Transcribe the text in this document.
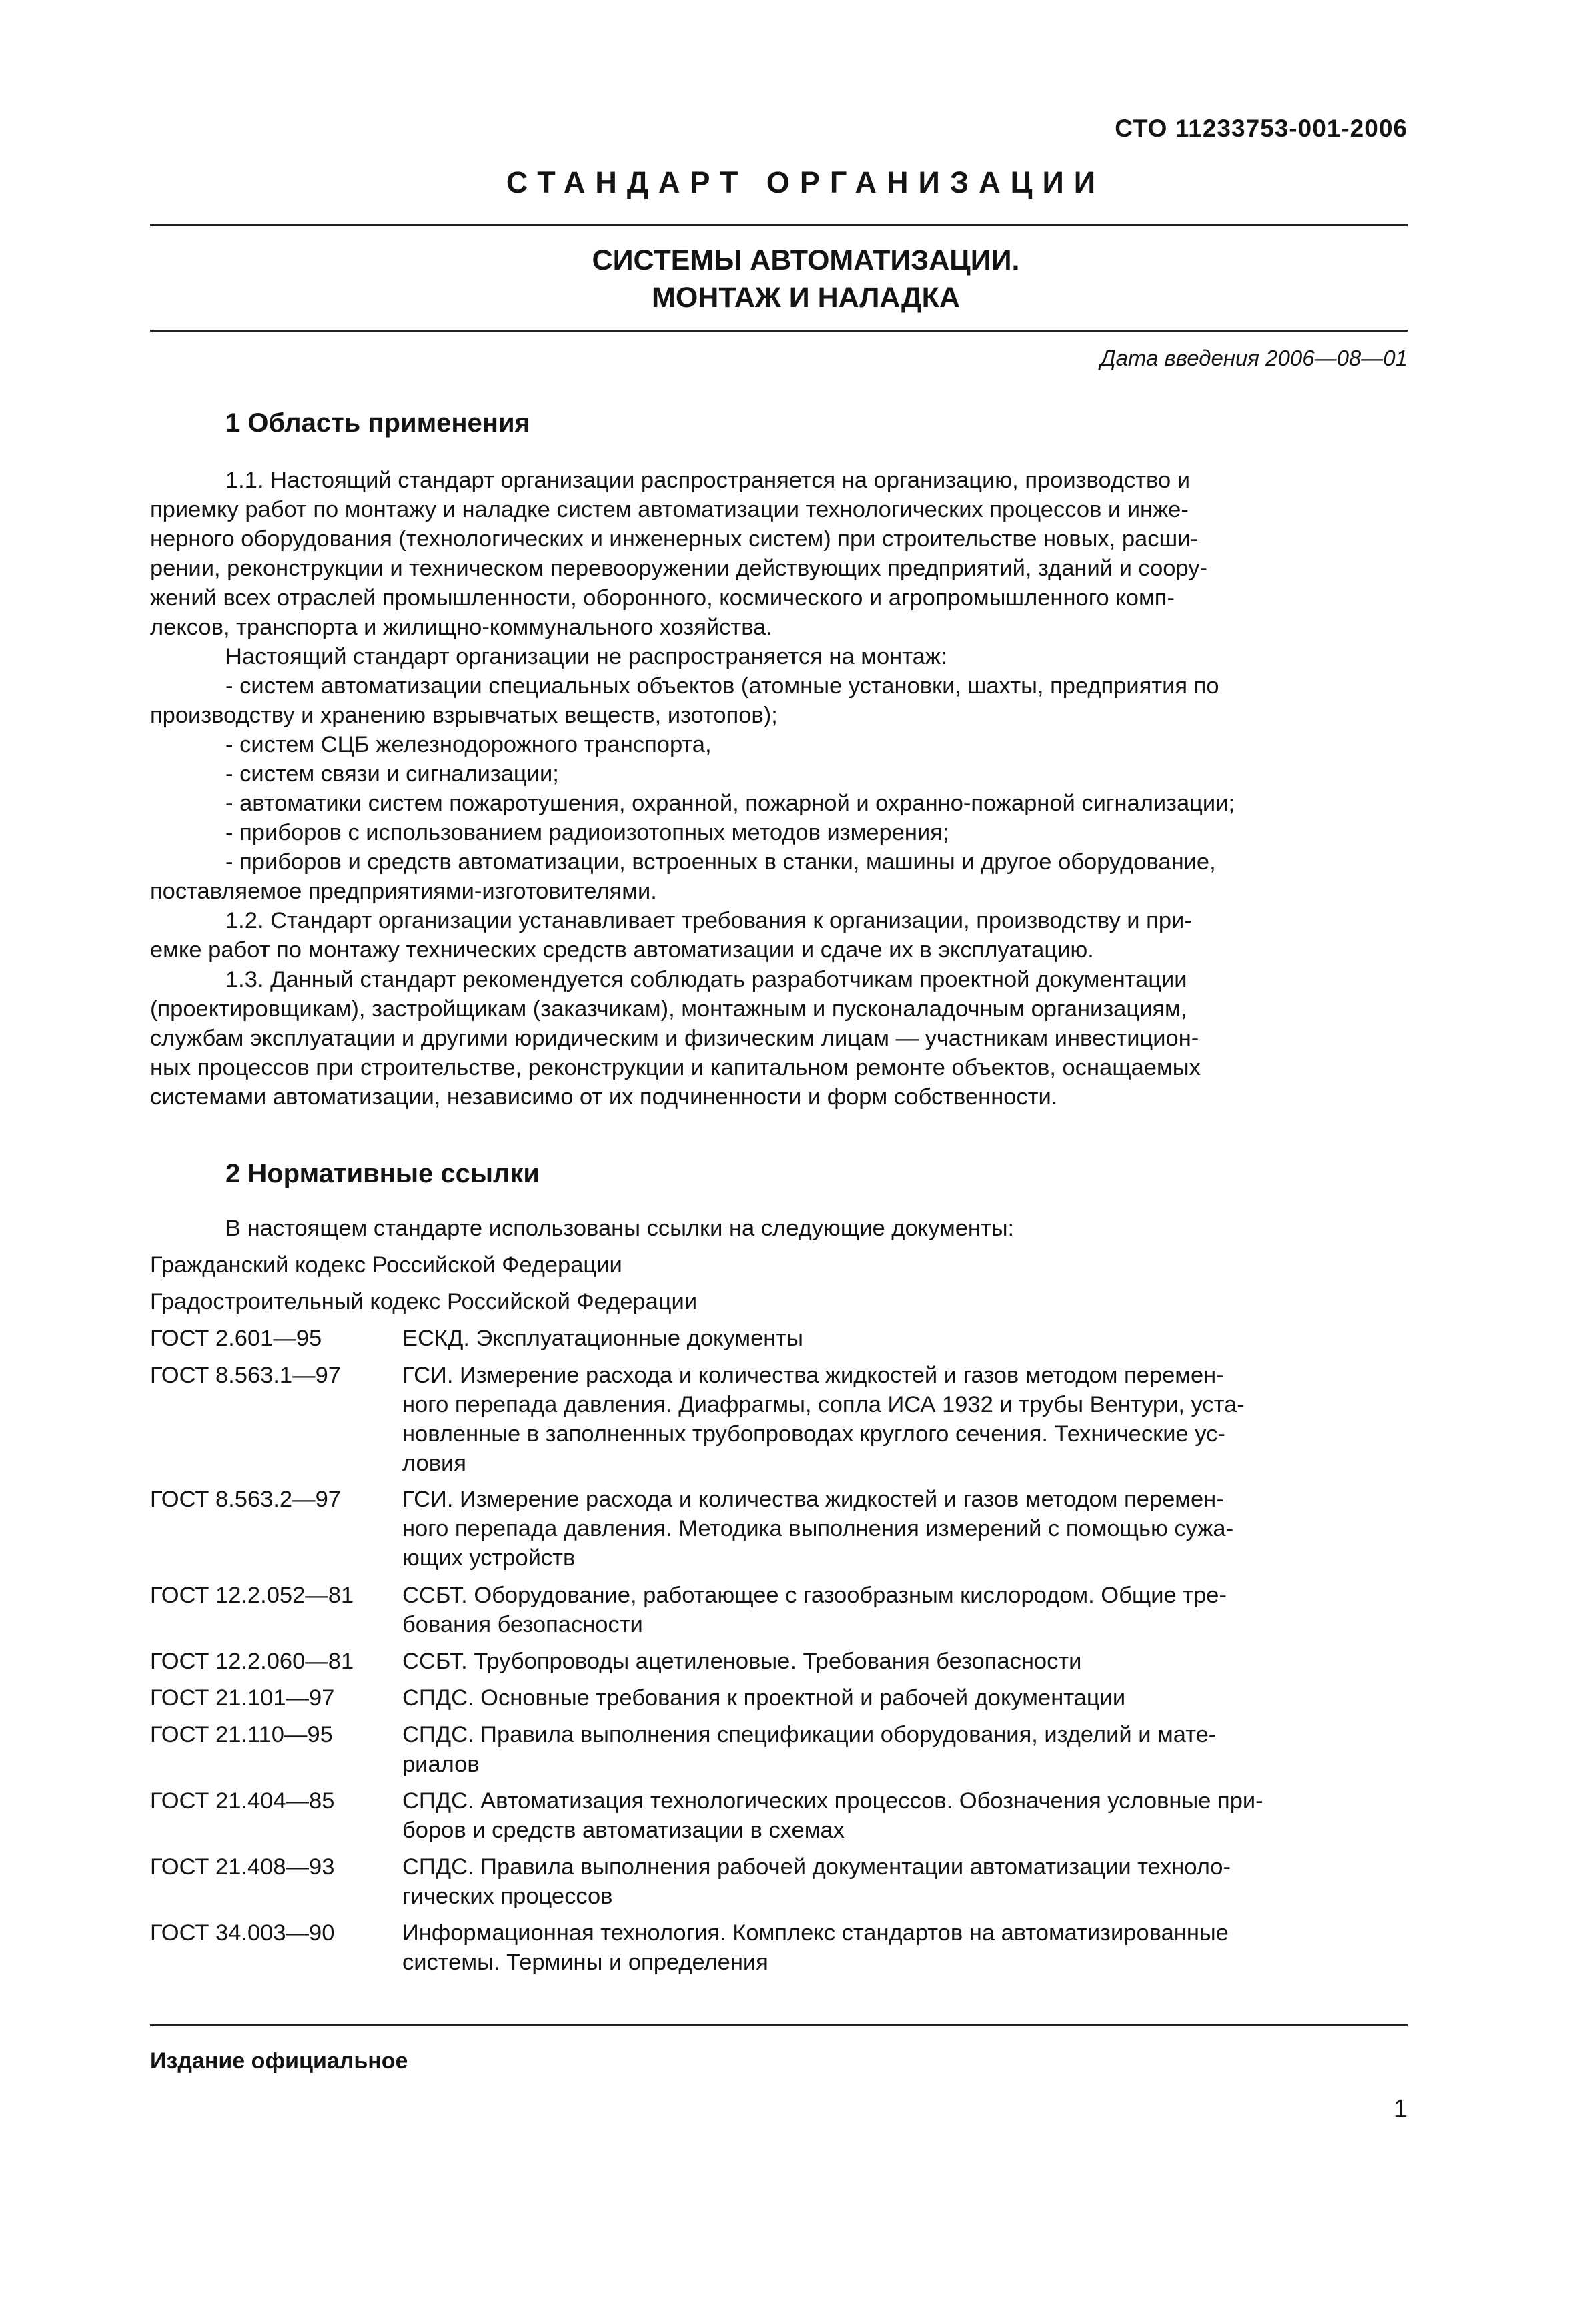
СТО 11233753-001-2006
СТАНДАРТ ОРГАНИЗАЦИИ
СИСТЕМЫ АВТОМАТИЗАЦИИ.
МОНТАЖ И НАЛАДКА
Дата введения 2006—08—01
1 Область применения
1.1. Настоящий стандарт организации распространяется на организацию, производство и
приемку работ по монтажу и наладке систем автоматизации технологических процессов и инже-
нерного оборудования (технологических и инженерных систем) при строительстве новых, расши-
рении, реконструкции и техническом перевооружении действующих предприятий, зданий и соору-
жений всех отраслей промышленности, оборонного, космического и агропромышленного комп-
лексов, транспорта и жилищно-коммунального хозяйства.
Настоящий стандарт организации не распространяется на монтаж:
- систем автоматизации специальных объектов (атомные установки, шахты, предприятия по
производству и хранению взрывчатых веществ, изотопов);
- систем СЦБ железнодорожного транспорта,
- систем связи и сигнализации;
- автоматики систем пожаротушения, охранной, пожарной и охранно-пожарной сигнализации;
- приборов с использованием радиоизотопных методов измерения;
- приборов и средств автоматизации, встроенных в станки, машины и другое оборудование,
поставляемое предприятиями-изготовителями.
1.2. Стандарт организации устанавливает требования к организации, производству и при-
емке работ по монтажу технических средств автоматизации и сдаче их в эксплуатацию.
1.3. Данный стандарт рекомендуется соблюдать разработчикам проектной документации
(проектировщикам), застройщикам (заказчикам), монтажным и пусконаладочным организациям,
службам эксплуатации и другими юридическим и физическим лицам — участникам инвестицион-
ных процессов при строительстве, реконструкции и капитальном ремонте объектов, оснащаемых
системами автоматизации, независимо от их подчиненности и форм собственности.
2 Нормативные ссылки
В настоящем стандарте использованы ссылки на следующие документы:
Гражданский кодекс Российской Федерации
Градостроительный кодекс Российской Федерации
ГОСТ 2.601—95	ЕСКД. Эксплуатационные документы
ГОСТ 8.563.1—97	ГСИ. Измерение расхода и количества жидкостей и газов методом перемен-
ного перепада давления. Диафрагмы, сопла ИСА 1932 и трубы Вентури, уста-
новленные в заполненных трубопроводах круглого сечения. Технические ус-
ловия
ГОСТ 8.563.2—97	ГСИ. Измерение расхода и количества жидкостей и газов методом перемен-
ного перепада давления. Методика выполнения измерений с помощью сужа-
ющих устройств
ГОСТ 12.2.052—81 ССБТ. Оборудование, работающее с газообразным кислородом. Общие тре-
бования безопасности
ГОСТ 12.2.060—81 ССБТ. Трубопроводы ацетиленовые. Требования безопасности
ГОСТ 21.101—97	СПДС. Основные требования к проектной и рабочей документации
ГОСТ 21.110—95	СПДС. Правила выполнения спецификации оборудования, изделий и мате-
риалов
ГОСТ 21.404—85	СПДС. Автоматизация технологических процессов. Обозначения условные при-
боров и средств автоматизации в схемах
ГОСТ 21.408—93	СПДС. Правила выполнения рабочей документации автоматизации техноло-
гических процессов
ГОСТ 34.003—90	Информационная технология. Комплекс стандартов на автоматизированные
системы. Термины и определения
Издание официальное
1
